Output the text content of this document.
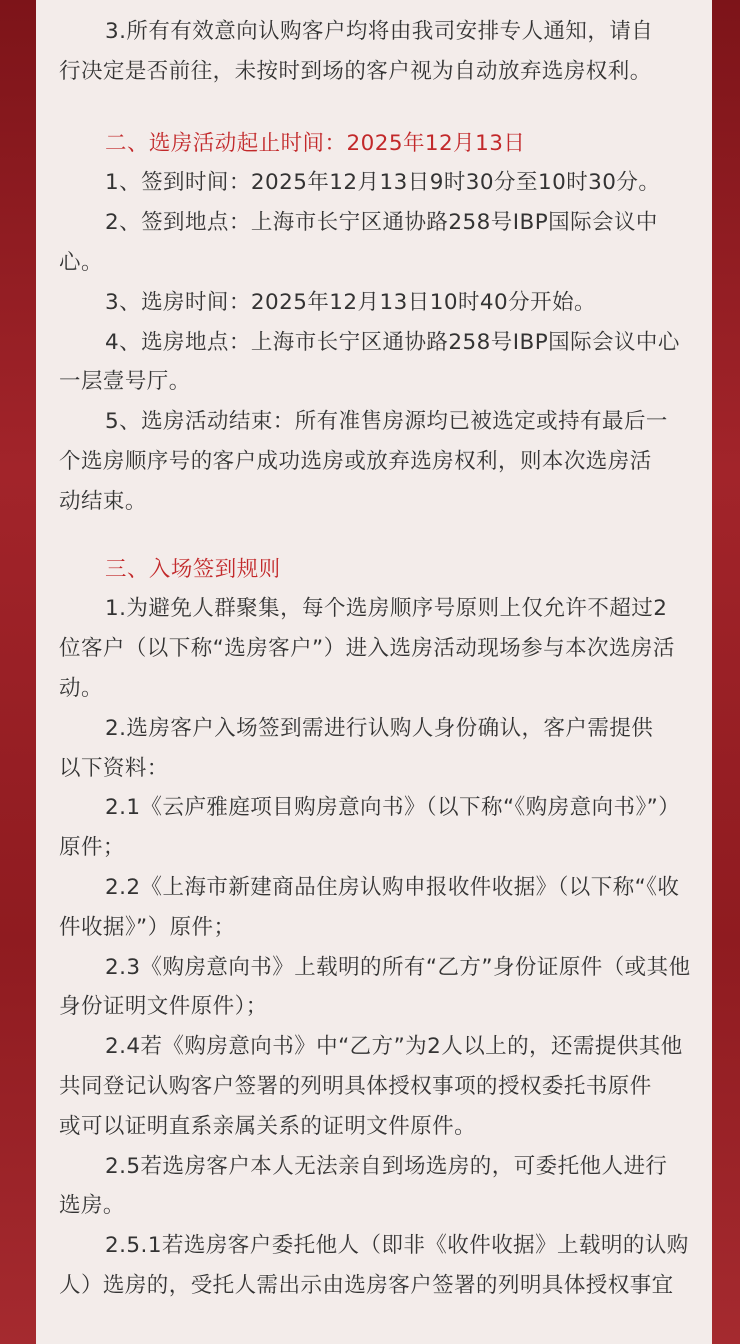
3.所有有效意向认购客户均将由我司安排专人通知，请自
行决定是否前往，未按时到场的客户视为自动放弃选房权利。
二、选房活动起止时间：2025年12月13日
1、签到时间：2025年12月13日9时30分至10时30分。
2、签到地点：上海市长宁区通协路258号IBP国际会议中
心。
3、选房时间：2025年12月13日10时40分开始。
4、选房地点：上海市长宁区通协路258号IBP国际会议中心
一层壹号厅。
5、选房活动结束：所有准售房源均已被选定或持有最后一
个选房顺序号的客户成功选房或放弃选房权利，则本次选房活
动结束。
三、入场签到规则
1.为避免人群聚集，每个选房顺序号原则上仅允许不超过2
位客户（以下称“选房客户”）进入选房活动现场参与本次选房活
动。
2.选房客户入场签到需进行认购人身份确认，客户需提供
以下资料：
2.1《云庐雅庭项目购房意向书》（以下称“《购房意向书》”）
原件；
2.2《上海市新建商品住房认购申报收件收据》（以下称“《收
件收据》”）原件；
2.3《购房意向书》上载明的所有“乙方”身份证原件（或其他
身份证明文件原件）；
2.4若《购房意向书》中“乙方”为2人以上的，还需提供其他
共同登记认购客户签署的列明具体授权事项的授权委托书原件
或可以证明直系亲属关系的证明文件原件。
2.5若选房客户本人无法亲自到场选房的，可委托他人进行
选房。
2.5.1若选房客户委托他人（即非《收件收据》上载明的认购
人）选房的，受托人需出示由选房客户签署的列明具体授权事宜
